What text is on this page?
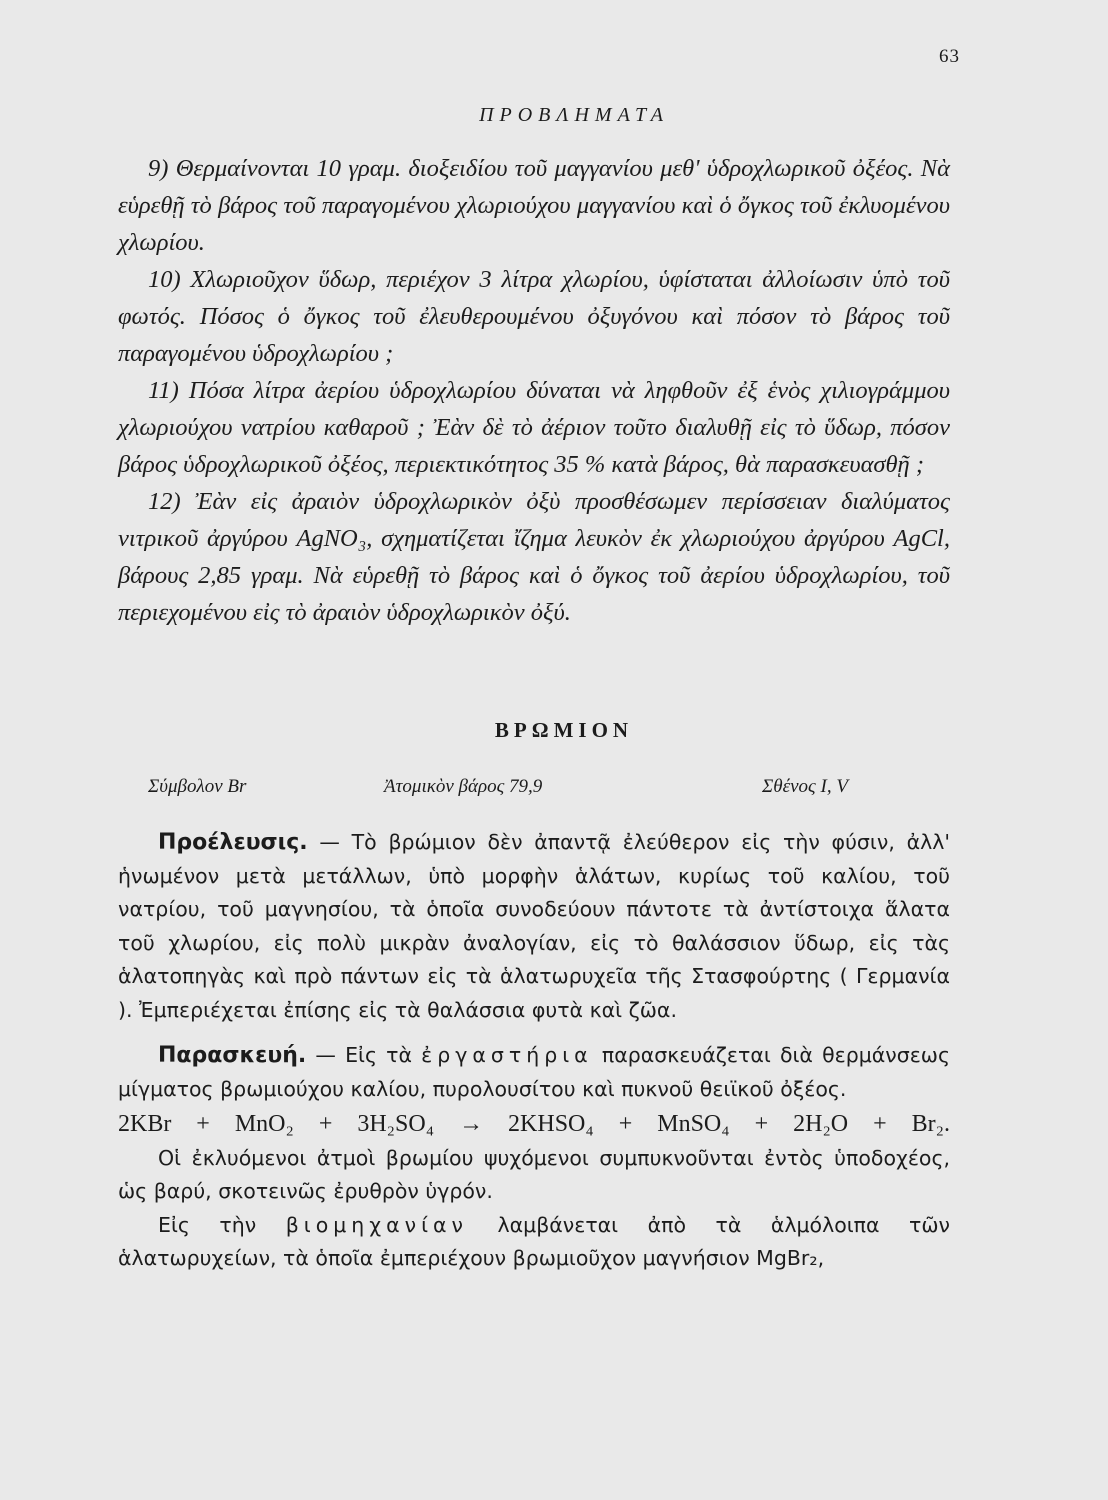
63
ΠΡΟΒΛΗΜΑΤΑ

9) Θερμαίνονται 10 γραμ. διοξειδίου τοῦ μαγγανίου μεθ' ὑδροχλωρικοῦ ὀξέος. Νὰ εὑρεθῇ τὸ βάρος τοῦ παραγομένου χλωριούχου μαγγανίου καὶ ὁ ὄγκος τοῦ ἐκλυομένου χλωρίου.

10) Χλωριοῦχον ὕδωρ, περιέχον 3 λίτρα χλωρίου, ὑφίσταται ἀλλοίωσιν ὑπὸ τοῦ φωτός. Πόσος ὁ ὄγκος τοῦ ἐλευθερουμένου ὀξυγόνου καὶ πόσον τὸ βάρος τοῦ παραγομένου ὑδροχλωρίου ;

11) Πόσα λίτρα ἀερίου ὑδροχλωρίου δύναται νὰ ληφθοῦν ἐξ ἑνὸς χιλιογράμμου χλωριούχου νατρίου καθαροῦ ; Ἐὰν δὲ τὸ ἀέριον τοῦτο διαλυθῇ εἰς τὸ ὕδωρ, πόσον βάρος ὑδροχλωρικοῦ ὀξέος, περιεκτικότητος 35 % κατὰ βάρος, θὰ παρασκευασθῇ ;

12) Ἐὰν εἰς ἀραιὸν ὑδροχλωρικὸν ὀξὺ προσθέσωμεν περίσσειαν διαλύματος νιτρικοῦ ἀργύρου AgNO₃, σχηματίζεται ἴζημα λευκὸν ἐκ χλωριούχου ἀργύρου AgCl, βάρους 2,85 γραμ. Νὰ εὑρεθῇ τὸ βάρος καὶ ὁ ὄγκος τοῦ ἀερίου ὑδροχλωρίου, τοῦ περιεχομένου εἰς τὸ ἀραιὸν ὑδροχλωρικὸν ὀξύ.

ΒΡΩΜΙΟΝ
Σύμβολον Br	Ἀτομικὸν βάρος 79,9	Σθένος I, V

Προέλευσις. — Τὸ βρώμιον δὲν ἀπαντᾷ ἐλεύθερον εἰς τὴν φύσιν, ἀλλ' ἡνωμένον μετὰ μετάλλων, ὑπὸ μορφὴν ἁλάτων, κυρίως τοῦ καλίου, τοῦ νατρίου, τοῦ μαγνησίου, τὰ ὁποῖα συνοδεύουν πάντοτε τὰ ἀντίστοιχα ἅλατα τοῦ χλωρίου, εἰς πολὺ μικρὰν ἀναλογίαν, εἰς τὸ θαλάσσιον ὕδωρ, εἰς τὰς ἁλατοπηγὰς καὶ πρὸ πάντων εἰς τὰ ἁλατωρυχεῖα τῆς Στασφούρτης ( Γερμανία ). Ἐμπεριέχεται ἐπίσης εἰς τὰ θαλάσσια φυτὰ καὶ ζῶα.

Παρασκευή. — Εἰς τὰ ἐργαστήρια παρασκευάζεται διὰ θερμάνσεως μίγματος βρωμιούχου καλίου, πυρολουσίτου καὶ πυκνοῦ θειϊκοῦ ὀξέος.

2KBr + MnO₂ + 3H₂SO₄ → 2KHSO₄ + MnSO₄ + 2H₂O + Br₂.

Οἱ ἐκλυόμενοι ἀτμοὶ βρωμίου ψυχόμενοι συμπυκνοῦνται ἐντὸς ὑποδοχέος, ὡς βαρύ, σκοτεινῶς ἐρυθρὸν ὑγρόν.

Εἰς τὴν βιομηχανίαν λαμβάνεται ἀπὸ τὰ ἁλμόλοιπα τῶν ἁλατωρυχείων, τὰ ὁποῖα ἐμπεριέχουν βρωμιοῦχον μαγνήσιον MgBr₂,
